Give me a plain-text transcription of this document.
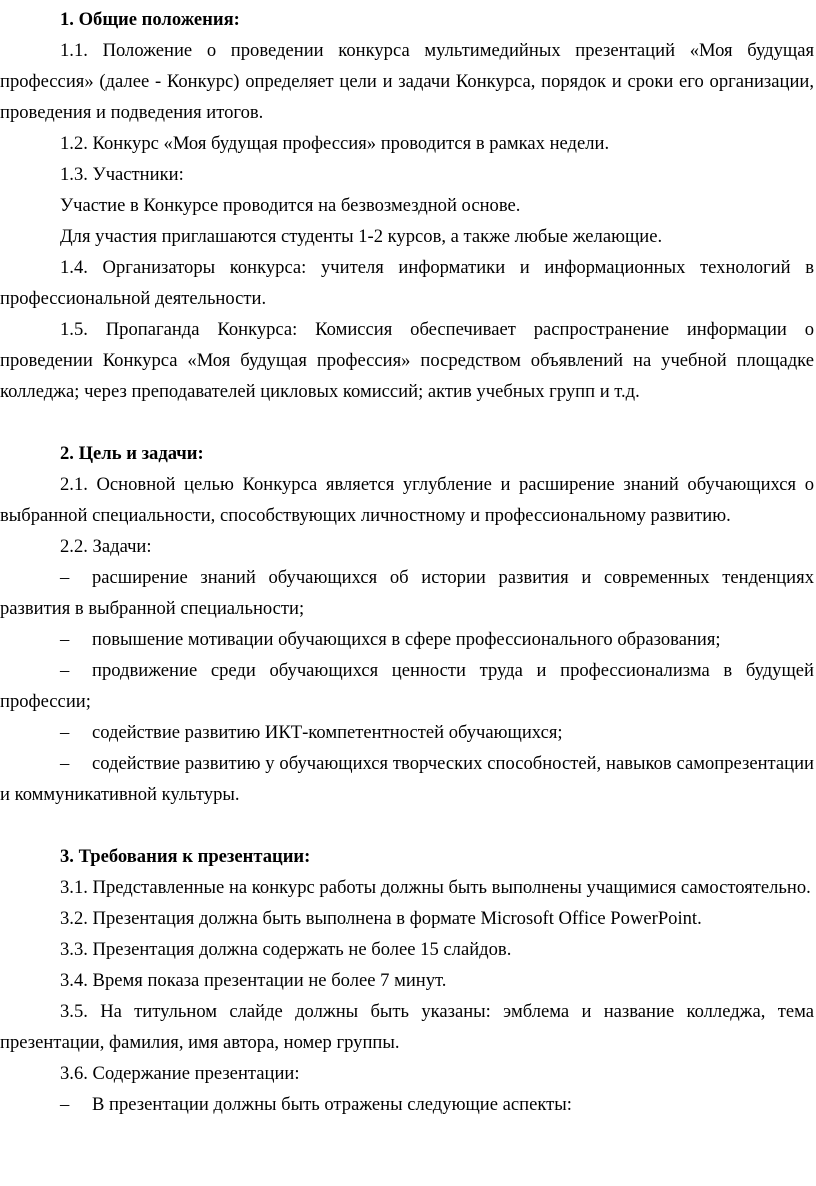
1. Общие положения:

1.1. Положение о проведении конкурса мультимедийных презентаций «Моя будущая профессия» (далее - Конкурс) определяет цели и задачи Конкурса, порядок и сроки его организации, проведения и подведения итогов.

1.2. Конкурс «Моя будущая профессия» проводится в рамках недели.

1.3. Участники:

Участие в Конкурсе проводится на безвозмездной основе.

Для участия приглашаются студенты 1-2 курсов, а также любые желающие.

1.4. Организаторы конкурса: учителя информатики и информационных технологий в профессиональной деятельности.

1.5. Пропаганда Конкурса: Комиссия обеспечивает распространение информации о проведении Конкурса «Моя будущая профессия» посредством объявлений на учебной площадке колледжа; через преподавателей цикловых комиссий; актив учебных групп и т.д.

2. Цель и задачи:

2.1. Основной целью Конкурса является углубление и расширение знаний обучающихся о выбранной специальности, способствующих личностному и профессиональному развитию.

2.2. Задачи:

– расширение знаний обучающихся об истории развития и современных тенденциях развития в выбранной специальности;

– повышение мотивации обучающихся в сфере профессионального образования;

– продвижение среди обучающихся ценности труда и профессионализма в будущей профессии;

– содействие развитию ИКТ-компетентностей обучающихся;

– содействие развитию у обучающихся творческих способностей, навыков самопрезентации и коммуникативной культуры.

3. Требования к презентации:

3.1. Представленные на конкурс работы должны быть выполнены учащимися самостоятельно.

3.2. Презентация должна быть выполнена в формате Microsoft Office PowerPoint.

3.3. Презентация должна содержать не более 15 слайдов.

3.4. Время показа презентации не более 7 минут.

3.5. На титульном слайде должны быть указаны: эмблема и название колледжа, тема презентации, фамилия, имя автора, номер группы.

3.6. Содержание презентации:

– В презентации должны быть отражены следующие аспекты:
